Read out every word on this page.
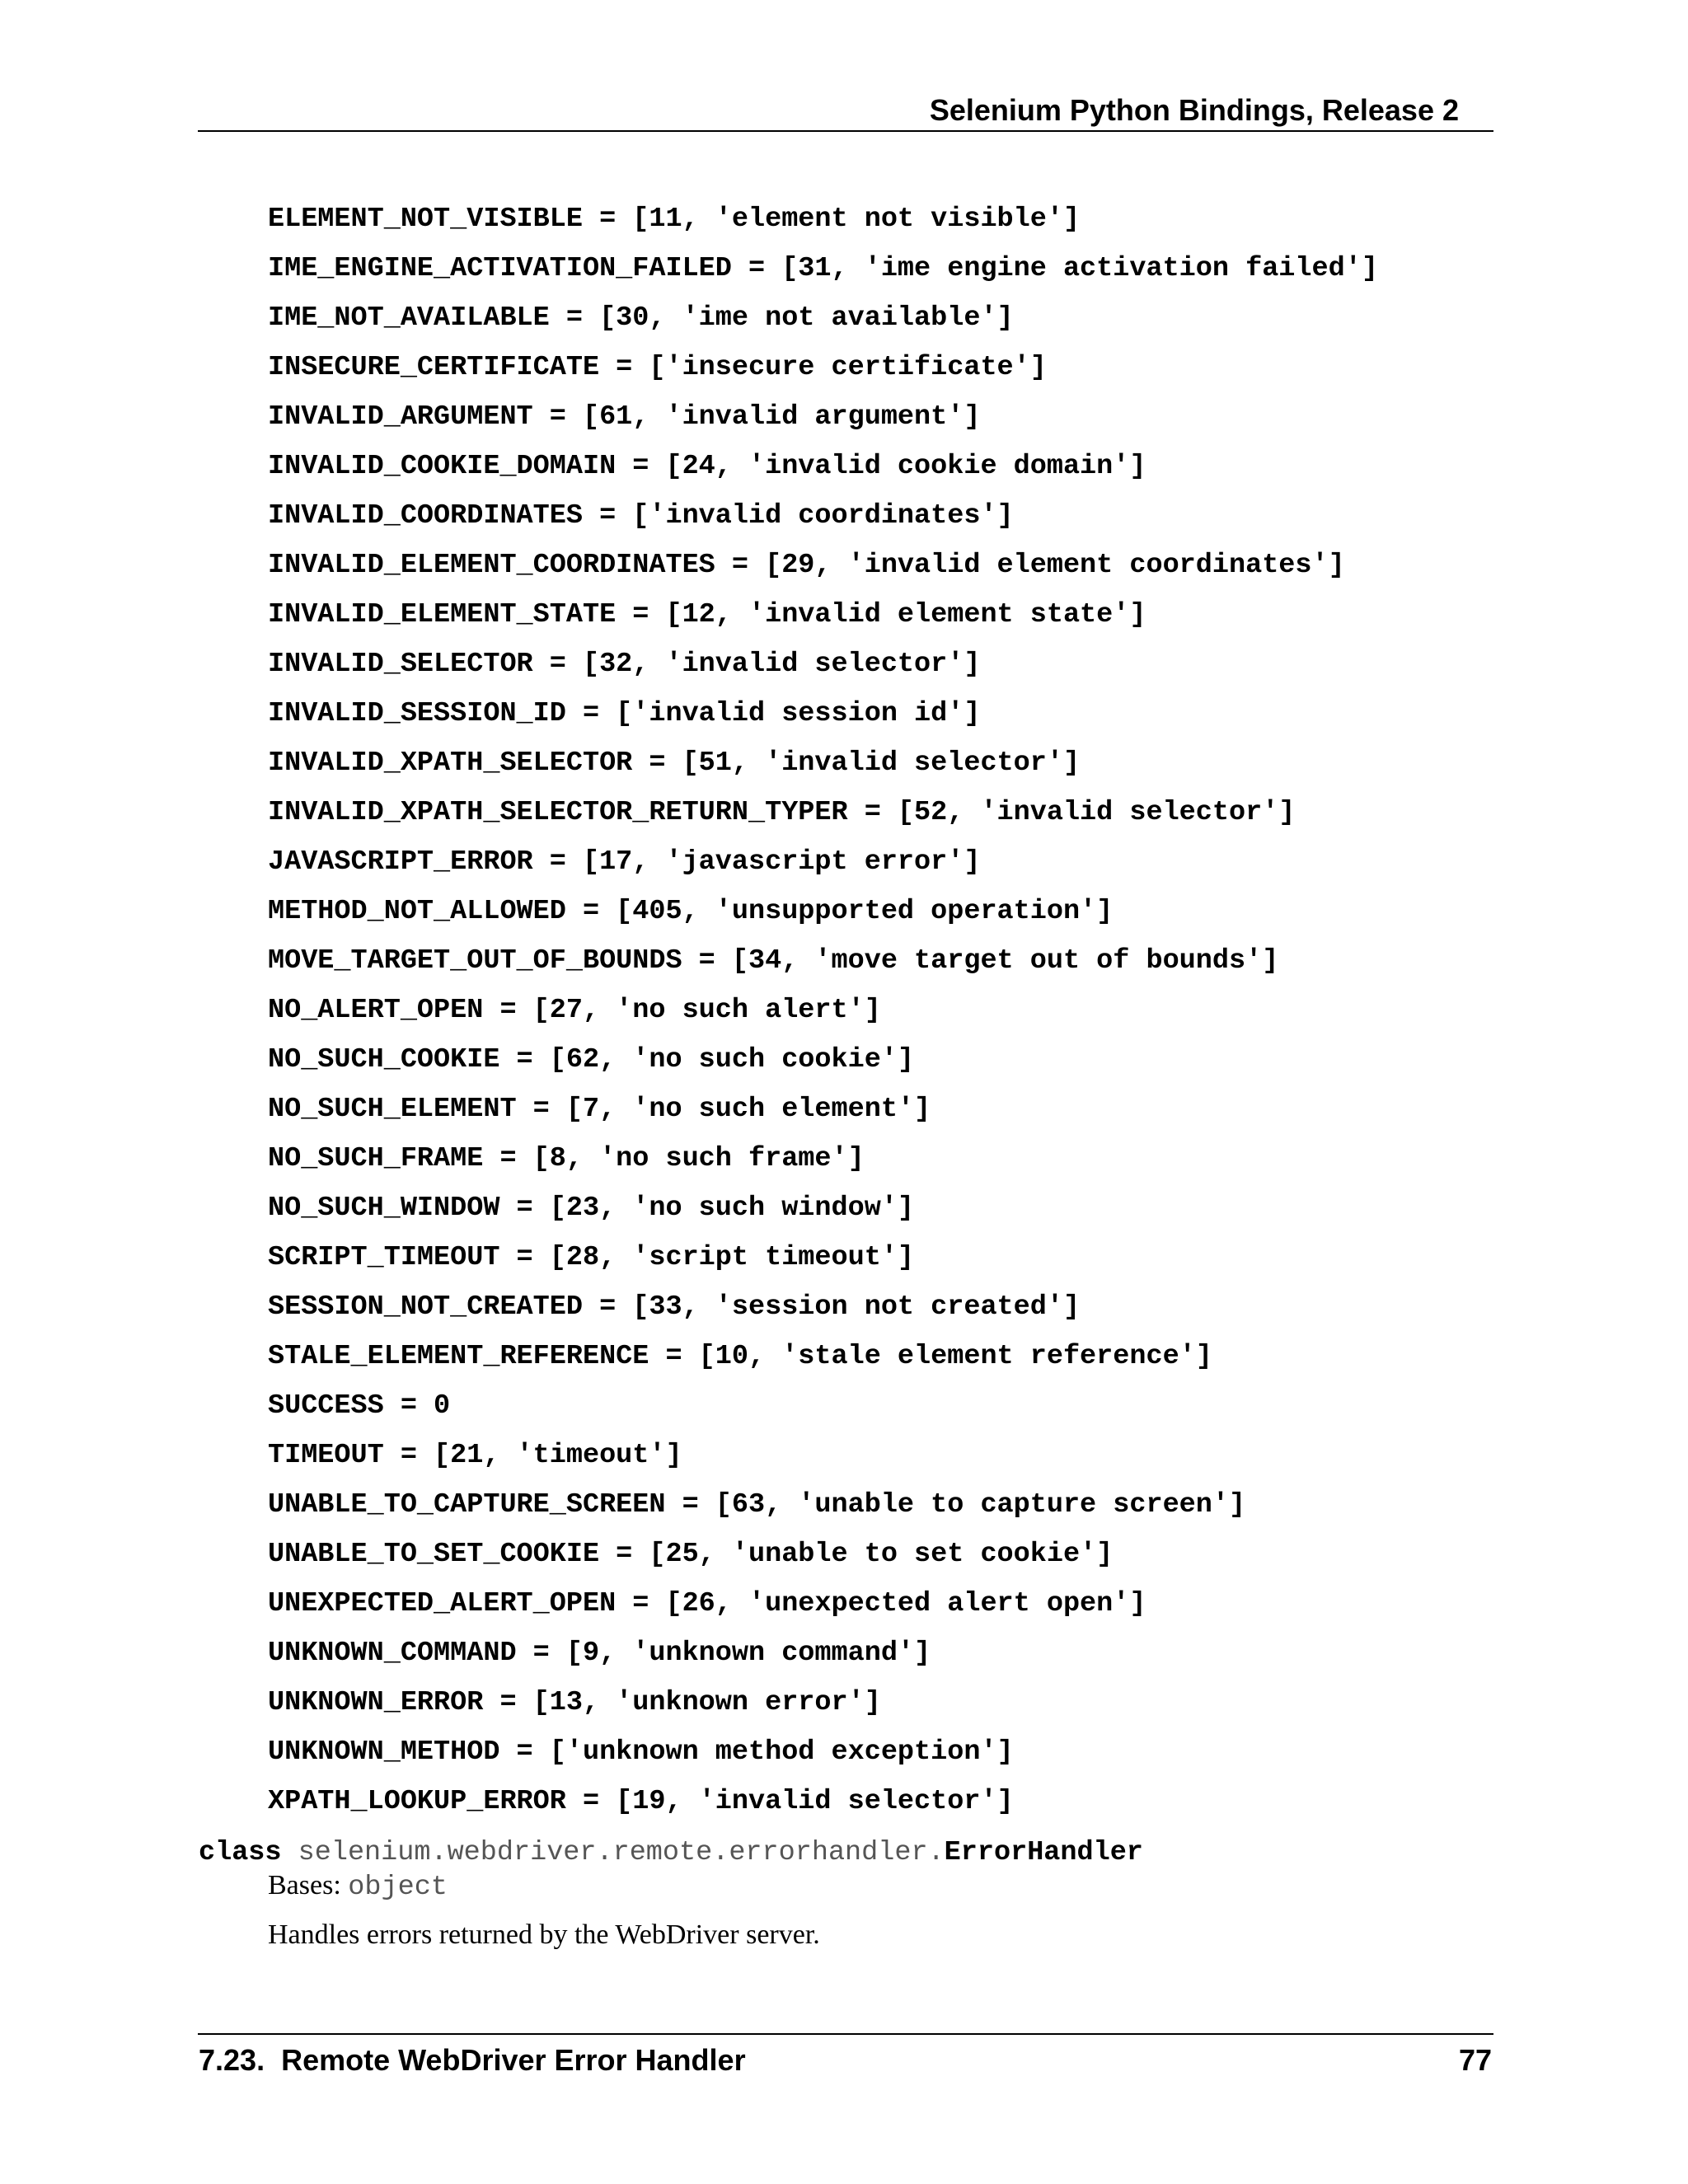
Selenium Python Bindings, Release 2
ELEMENT_NOT_VISIBLE = [11, 'element not visible']
IME_ENGINE_ACTIVATION_FAILED = [31, 'ime engine activation failed']
IME_NOT_AVAILABLE = [30, 'ime not available']
INSECURE_CERTIFICATE = ['insecure certificate']
INVALID_ARGUMENT = [61, 'invalid argument']
INVALID_COOKIE_DOMAIN = [24, 'invalid cookie domain']
INVALID_COORDINATES = ['invalid coordinates']
INVALID_ELEMENT_COORDINATES = [29, 'invalid element coordinates']
INVALID_ELEMENT_STATE = [12, 'invalid element state']
INVALID_SELECTOR = [32, 'invalid selector']
INVALID_SESSION_ID = ['invalid session id']
INVALID_XPATH_SELECTOR = [51, 'invalid selector']
INVALID_XPATH_SELECTOR_RETURN_TYPER = [52, 'invalid selector']
JAVASCRIPT_ERROR = [17, 'javascript error']
METHOD_NOT_ALLOWED = [405, 'unsupported operation']
MOVE_TARGET_OUT_OF_BOUNDS = [34, 'move target out of bounds']
NO_ALERT_OPEN = [27, 'no such alert']
NO_SUCH_COOKIE = [62, 'no such cookie']
NO_SUCH_ELEMENT = [7, 'no such element']
NO_SUCH_FRAME = [8, 'no such frame']
NO_SUCH_WINDOW = [23, 'no such window']
SCRIPT_TIMEOUT = [28, 'script timeout']
SESSION_NOT_CREATED = [33, 'session not created']
STALE_ELEMENT_REFERENCE = [10, 'stale element reference']
SUCCESS = 0
TIMEOUT = [21, 'timeout']
UNABLE_TO_CAPTURE_SCREEN = [63, 'unable to capture screen']
UNABLE_TO_SET_COOKIE = [25, 'unable to set cookie']
UNEXPECTED_ALERT_OPEN = [26, 'unexpected alert open']
UNKNOWN_COMMAND = [9, 'unknown command']
UNKNOWN_ERROR = [13, 'unknown error']
UNKNOWN_METHOD = ['unknown method exception']
XPATH_LOOKUP_ERROR = [19, 'invalid selector']
class selenium.webdriver.remote.errorhandler.ErrorHandler
Bases: object
Handles errors returned by the WebDriver server.
7.23.  Remote WebDriver Error Handler	77
